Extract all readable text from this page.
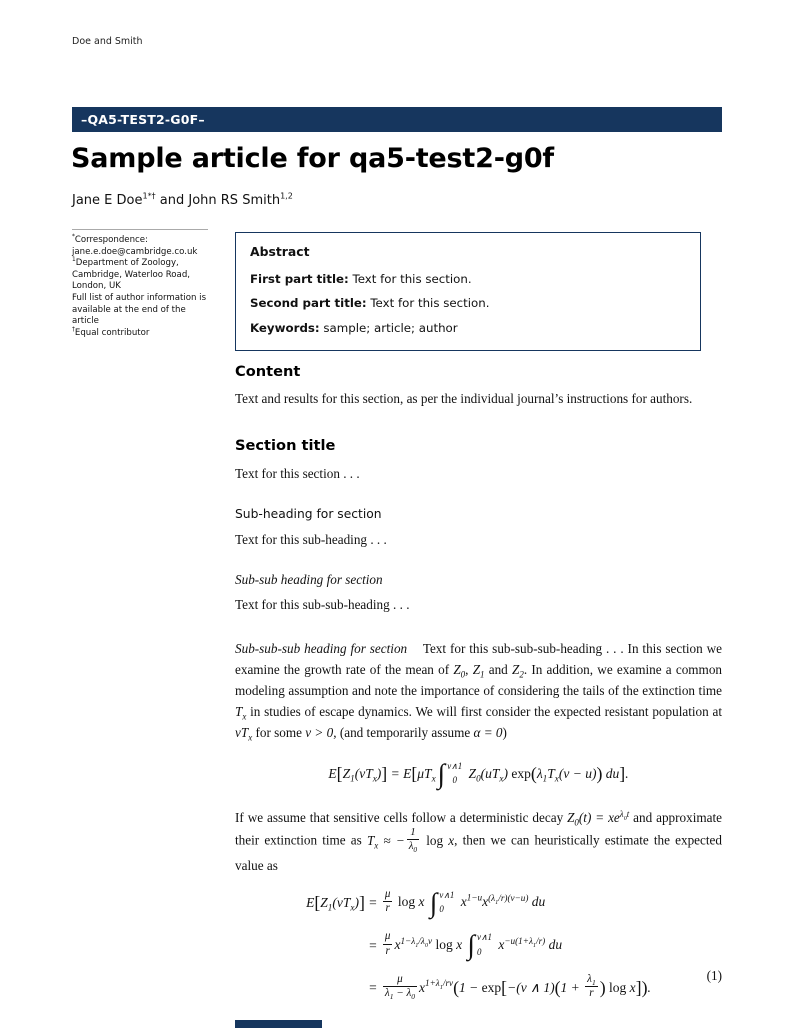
Doe and Smith
–QA5-TEST2-G0F–
Sample article for qa5-test2-g0f
Jane E Doe$^{1*\dagger}$ and John RS Smith$^{1,2}$
*Correspondence:
jane.e.doe@cambridge.co.uk
$^1$Department of Zoology,
Cambridge, Waterloo Road,
London, UK
Full list of author information is
available at the end of the article
†Equal contributor
Abstract

First part title: Text for this section.

Second part title: Text for this section.

Keywords: sample; article; author

Content

Text and results for this section, as per the individual journal’s instructions for authors.

Section title

Text for this section . . .

Sub-heading for section

Text for this sub-heading . . .

Sub-sub heading for section

Text for this sub-sub-heading . . .

Sub-sub-sub heading for section Text for this sub-sub-sub-heading . . . In this section we examine the growth rate of the mean of $Z_0$, $Z_1$ and $Z_2$. In addition, we examine a common modeling assumption and note the importance of considering the tails of the extinction time $T_x$ in studies of escape dynamics. We will first consider the expected resistant population at $vT_x$ for some v > 0, (and temporarily assume α = 0)

$E[Z_1(vT_x)] = E[\mu T_x$ ∫ v∧1
0 $Z_0(uT_x) \exp(\lambda_1T_x(v - u))$ du].

If we assume that sensitive cells follow a deterministic decay $Z_0(t) = xe^{\lambda_0t}$ and approximate their extinction time as $T_x$ ≈ − $\frac{1}{\lambda_0}$ log x, then we can heuristically estimate the expected value as

$E[Z_1(vT_x)] = \frac{\mu}{r}$ log x ∫ v∧1
0 $x^{1-u}x^{(\lambda_1/r)(v-u)}$ du
= $\frac{\mu}{r} x^{1-\lambda_1/\lambda_0v}$ log x ∫ v∧1
0 $x^{-u(1+\lambda_1/r)}$ du
= $\frac{\mu}{\lambda_1 - \lambda_0} x^{1+\lambda_1/rv}(1 - \exp[-(v$ ∧ $1)(1 + \frac{\lambda_1}{r}$ ) log x]).
(1)
